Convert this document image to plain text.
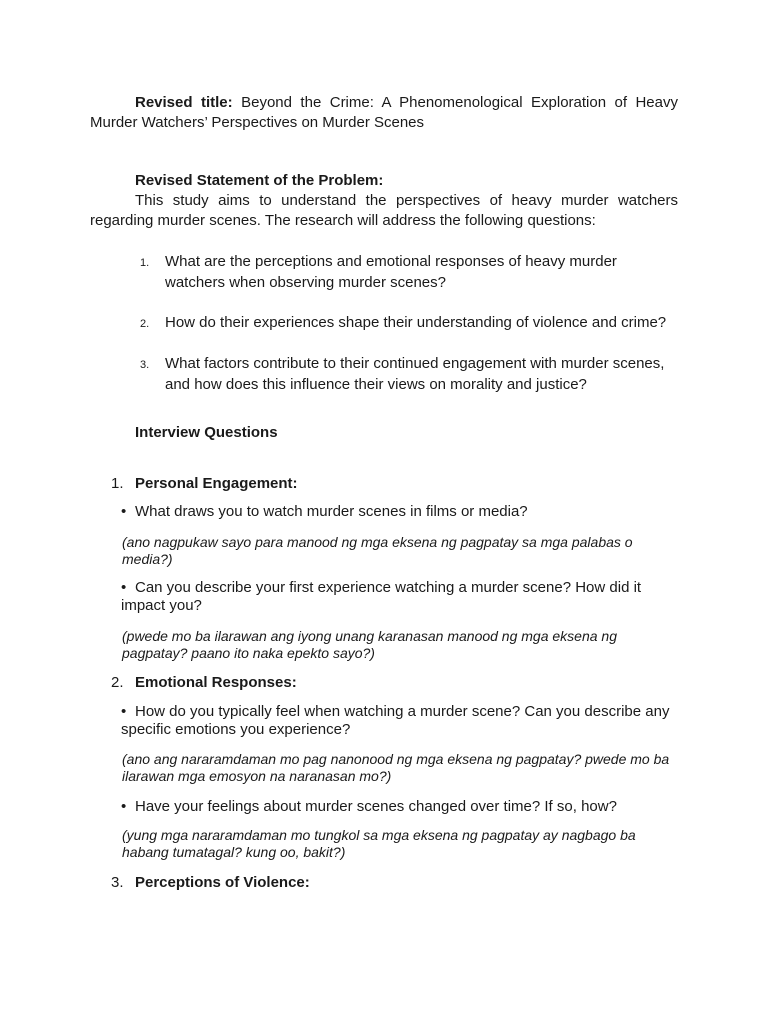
Revised title: Beyond the Crime: A Phenomenological Exploration of Heavy Murder Watchers’ Perspectives on Murder Scenes
Revised Statement of the Problem:
This study aims to understand the perspectives of heavy murder watchers regarding murder scenes. The research will address the following questions:
1. What are the perceptions and emotional responses of heavy murder watchers when observing murder scenes?
2. How do their experiences shape their understanding of violence and crime?
3. What factors contribute to their continued engagement with murder scenes, and how does this influence their views on morality and justice?
Interview Questions
1. Personal Engagement:
• What draws you to watch murder scenes in films or media?
(ano nagpukaw sayo para manood ng mga eksena ng pagpatay sa mga palabas o media?)
• Can you describe your first experience watching a murder scene? How did it impact you?
(pwede mo ba ilarawan ang iyong unang karanasan manood ng mga eksena ng pagpatay? paano ito naka epekto sayo?)
2. Emotional Responses:
• How do you typically feel when watching a murder scene? Can you describe any specific emotions you experience?
(ano ang nararamdaman mo pag nanonood ng mga eksena ng pagpatay? pwede mo ba ilarawan mga emosyon na naranasan mo?)
• Have your feelings about murder scenes changed over time? If so, how?
(yung mga nararamdaman mo tungkol sa mga eksena ng pagpatay ay nagbago ba habang tumatagal? kung oo, bakit?)
3. Perceptions of Violence:
